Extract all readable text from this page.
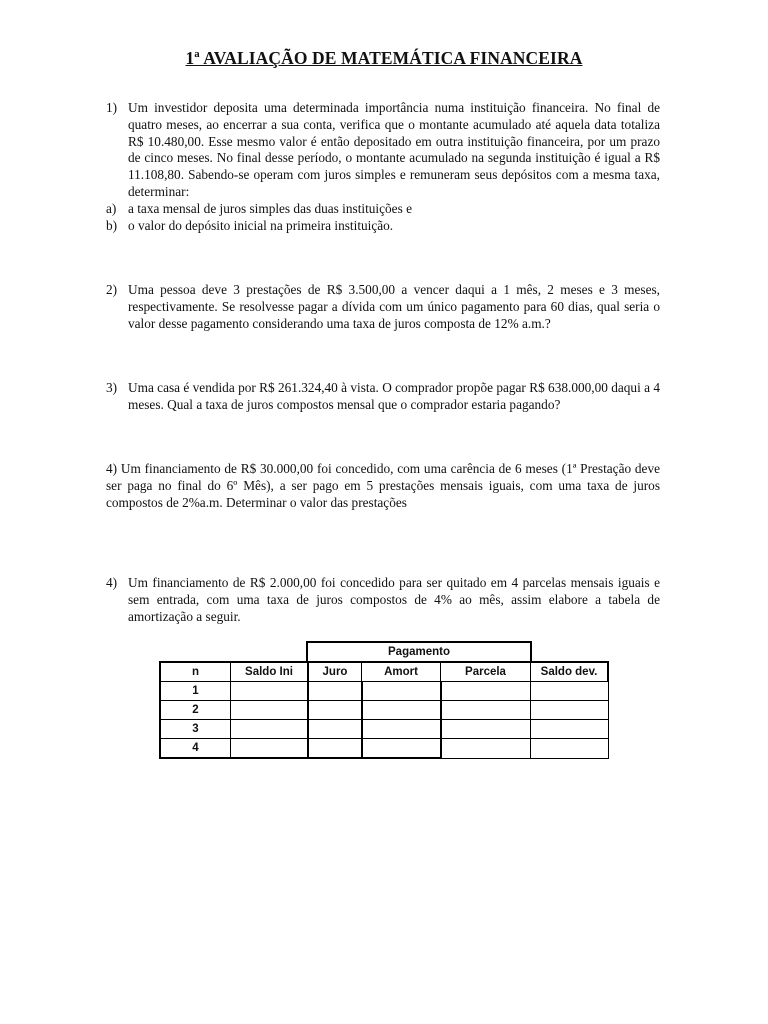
1ª AVALIAÇÃO DE MATEMÁTICA FINANCEIRA
1) Um investidor deposita uma determinada importância numa instituição financeira. No final de quatro meses, ao encerrar a sua conta, verifica que o montante acumulado até aquela data totaliza R$ 10.480,00. Esse mesmo valor é então depositado em outra instituição financeira, por um prazo de cinco meses. No final desse período, o montante acumulado na segunda instituição é igual a R$ 11.108,80. Sabendo-se operam com juros simples e remuneram seus depósitos com a mesma taxa, determinar:
a) a taxa mensal de juros simples das duas instituições e
b) o valor do depósito inicial na primeira instituição.
2) Uma pessoa deve 3 prestações de R$ 3.500,00 a vencer daqui a 1 mês, 2 meses e 3 meses, respectivamente. Se resolvesse pagar a dívida com um único pagamento para 60 dias, qual seria o valor desse pagamento considerando uma taxa de juros composta de 12% a.m.?
3) Uma casa é vendida por R$ 261.324,40 à vista. O comprador propõe pagar R$ 638.000,00 daqui a 4 meses. Qual a taxa de juros compostos mensal que o comprador estaria pagando?
4) Um financiamento de R$ 30.000,00 foi concedido, com uma carência de 6 meses (1ª Prestação deve ser paga no final do 6º Mês), a ser pago em 5 prestações mensais iguais, com uma taxa de juros compostos de 2%a.m. Determinar o valor das prestações
4) Um financiamento de R$ 2.000,00 foi concedido para ser quitado em 4 parcelas mensais iguais e sem entrada, com uma taxa de juros compostos de 4% ao mês, assim elabore a tabela de amortização a seguir.
Pagamento
n	Saldo Ini	Juro	Amort	Parcela	Saldo dev.
1					
2					
3					
4					
